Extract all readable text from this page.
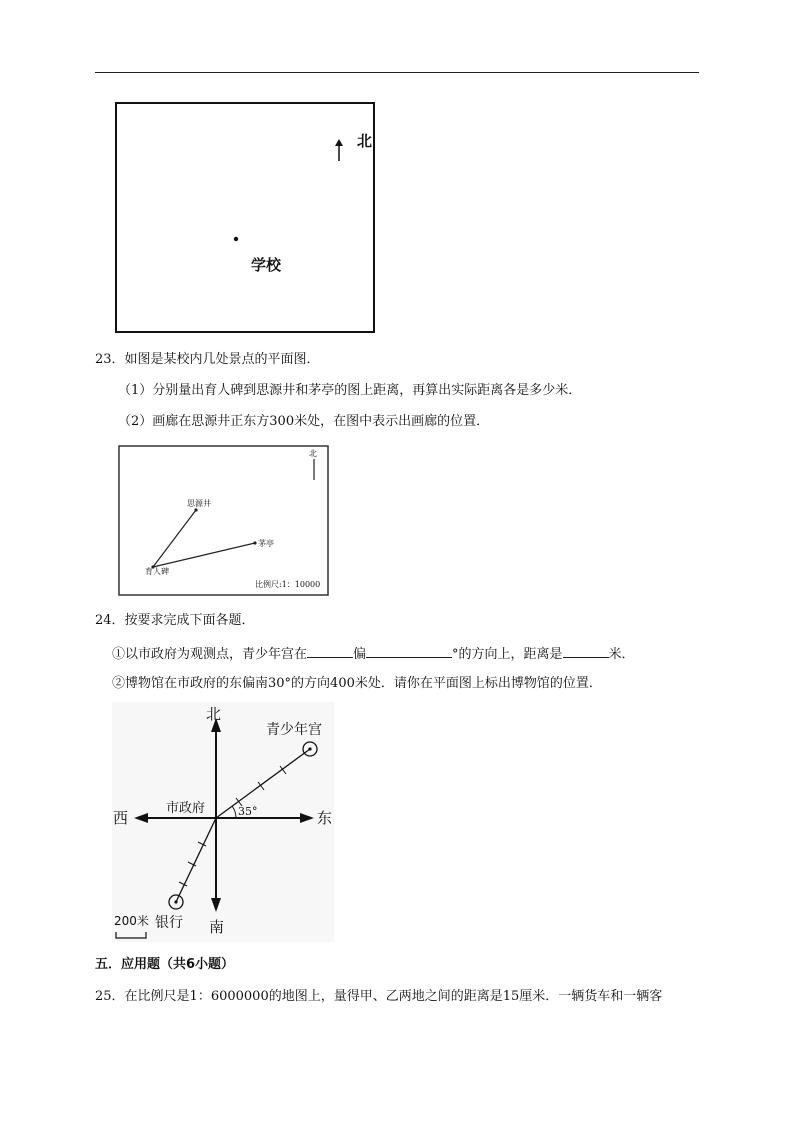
北
学校
23．如图是某校内几处景点的平面图．
（1）分别量出育人碑到思源井和茅亭的图上距离，再算出实际距离各是多少米．
（2）画廊在思源井正东方300米处，在图中表示出画廊的位置．
北
思源井
茅亭
育人碑
比例尺:1：10000
24．按要求完成下面各题．
①以市政府为观测点，青少年宫在	偏	°的方向上，距离是	米．
②博物馆在市政府的东偏南30°的方向400米处．请你在平面图上标出博物馆的位置．
北
南
东
西
市政府	35°
青少年宫
银行
200米
五．应用题（共6小题）
25．在比例尺是1：6000000的地图上，量得甲、乙两地之间的距离是15厘米．一辆货车和一辆客
